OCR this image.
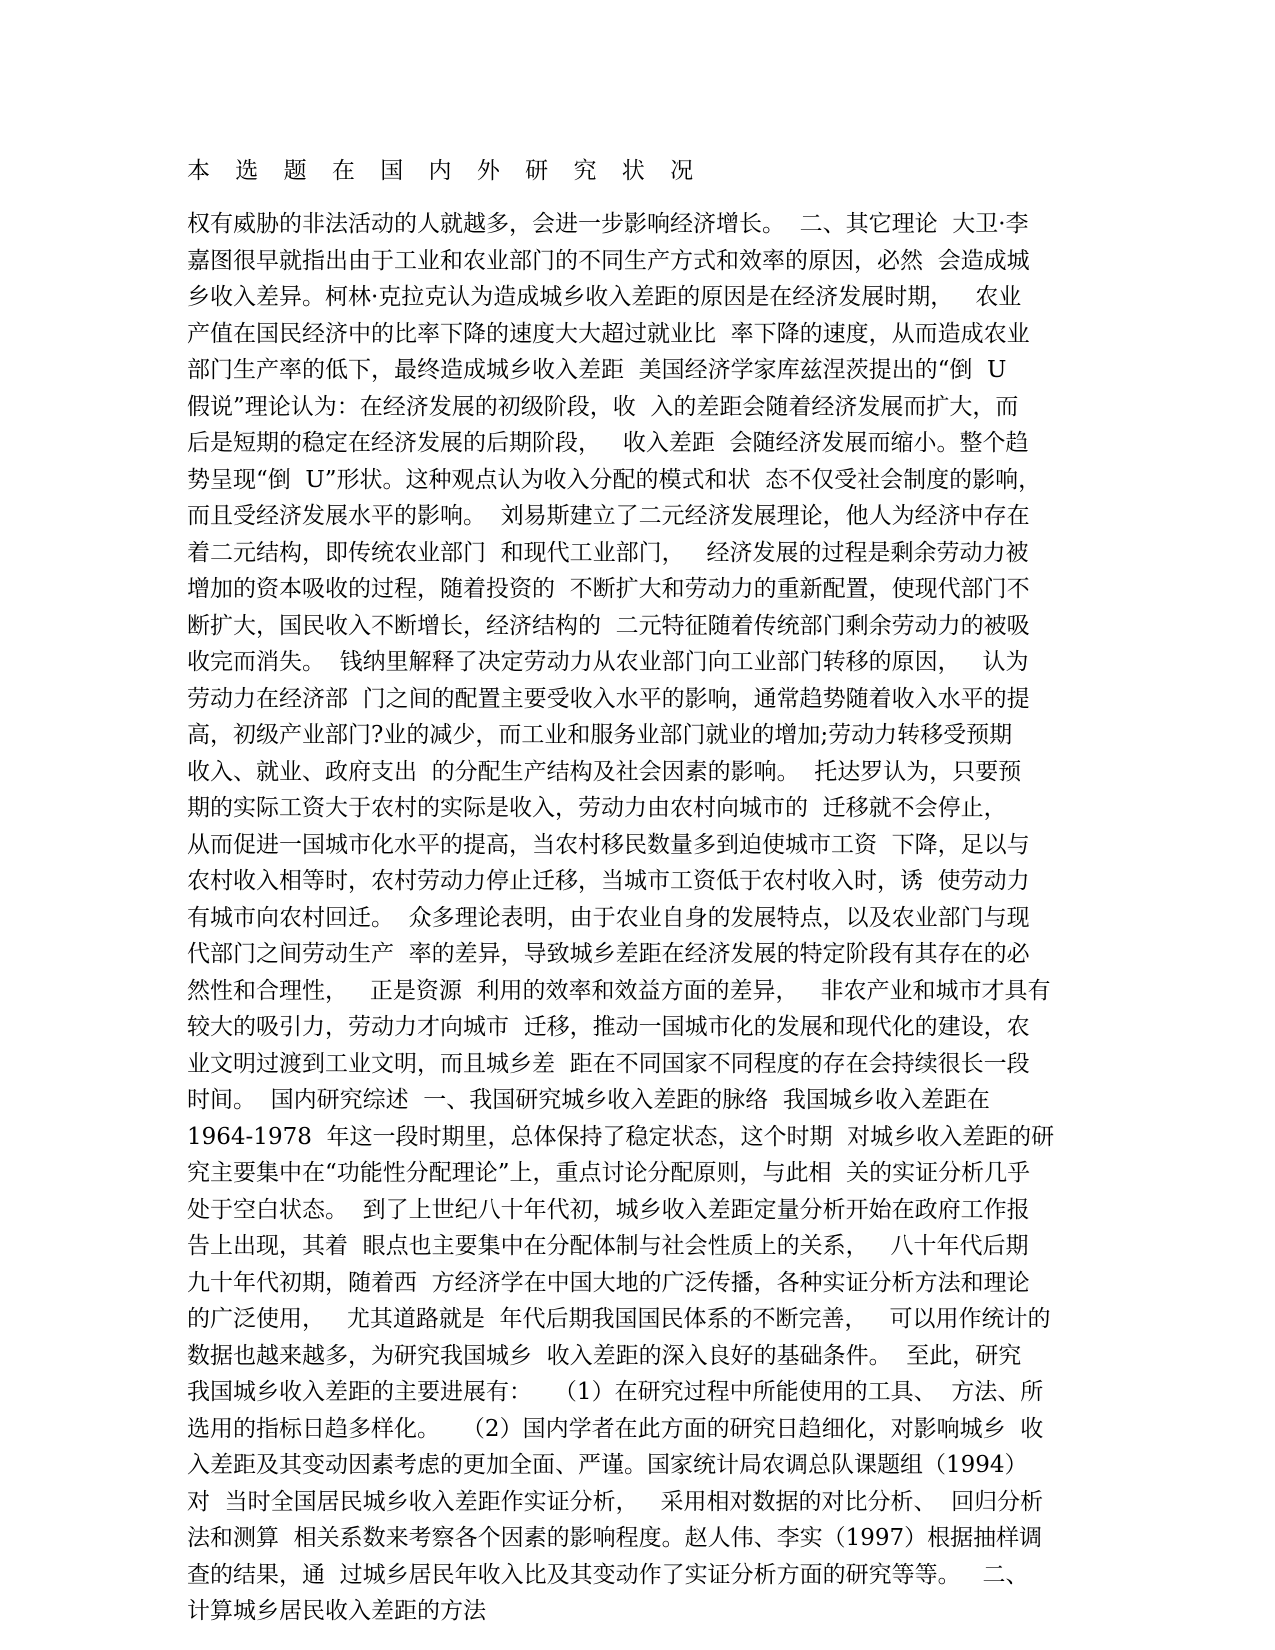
本 选 题 在 国 内 外 研 究 状 况
权有威胁的非法活动的人就越多，会进一步影响经济增长。  二、其它理论  大卫·李
嘉图很早就指出由于工业和农业部门的不同生产方式和效率的原因，必然  会造成城
乡收入差异。柯林·克拉克认为造成城乡收入差距的原因是在经济发展时期，   农业
产值在国民经济中的比率下降的速度大大超过就业比  率下降的速度，从而造成农业
部门生产率的低下，最终造成城乡收入差距  美国经济学家库兹涅茨提出的“倒  U
假说”理论认为：在经济发展的初级阶段，收  入的差距会随着经济发展而扩大，而
后是短期的稳定在经济发展的后期阶段，   收入差距  会随经济发展而缩小。整个趋
势呈现“倒  U”形状。这种观点认为收入分配的模式和状  态不仅受社会制度的影响，
而且受经济发展水平的影响。  刘易斯建立了二元经济发展理论，他人为经济中存在
着二元结构，即传统农业部门  和现代工业部门，   经济发展的过程是剩余劳动力被
增加的资本吸收的过程，随着投资的  不断扩大和劳动力的重新配置，使现代部门不
断扩大，国民收入不断增长，经济结构的  二元特征随着传统部门剩余劳动力的被吸
收完而消失。  钱纳里解释了决定劳动力从农业部门向工业部门转移的原因，   认为
劳动力在经济部  门之间的配置主要受收入水平的影响，通常趋势随着收入水平的提
高，初级产业部门?业的减少，而工业和服务业部门就业的增加;劳动力转移受预期
收入、就业、政府支出  的分配生产结构及社会因素的影响。  托达罗认为，只要预
期的实际工资大于农村的实际是收入，劳动力由农村向城市的  迁移就不会停止，
从而促进一国城市化水平的提高，当农村移民数量多到迫使城市工资  下降，足以与
农村收入相等时，农村劳动力停止迁移，当城市工资低于农村收入时，诱  使劳动力
有城市向农村回迁。  众多理论表明，由于农业自身的发展特点，以及农业部门与现
代部门之间劳动生产  率的差异，导致城乡差距在经济发展的特定阶段有其存在的必
然性和合理性，   正是资源  利用的效率和效益方面的差异，   非农产业和城市才具有
较大的吸引力，劳动力才向城市  迁移，推动一国城市化的发展和现代化的建设，农
业文明过渡到工业文明，而且城乡差  距在不同国家不同程度的存在会持续很长一段
时间。  国内研究综述  一、我国研究城乡收入差距的脉络  我国城乡收入差距在
1964-1978  年这一段时期里，总体保持了稳定状态，这个时期  对城乡收入差距的研
究主要集中在“功能性分配理论”上，重点讨论分配原则，与此相  关的实证分析几乎
处于空白状态。  到了上世纪八十年代初，城乡收入差距定量分析开始在政府工作报
告上出现，其着  眼点也主要集中在分配体制与社会性质上的关系，   八十年代后期
九十年代初期，随着西  方经济学在中国大地的广泛传播，各种实证分析方法和理论
的广泛使用，   尤其道路就是  年代后期我国国民体系的不断完善，   可以用作统计的
数据也越来越多，为研究我国城乡  收入差距的深入良好的基础条件。  至此，研究
我国城乡收入差距的主要进展有：   （1）在研究过程中所能使用的工具、  方法、所
选用的指标日趋多样化。   （2）国内学者在此方面的研究日趋细化，对影响城乡  收
入差距及其变动因素考虑的更加全面、严谨。国家统计局农调总队课题组（1994）
对  当时全国居民城乡收入差距作实证分析，   采用相对数据的对比分析、  回归分析
法和测算  相关系数来考察各个因素的影响程度。赵人伟、李实（1997）根据抽样调
查的结果，通  过城乡居民年收入比及其变动作了实证分析方面的研究等等。   二、
计算城乡居民收入差距的方法
